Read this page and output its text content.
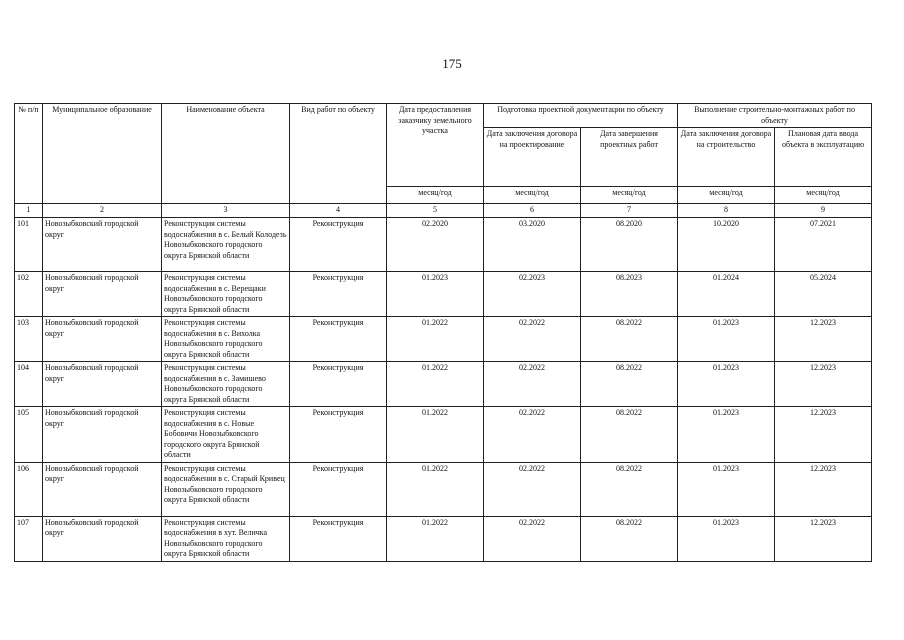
175
№ п/п	Муниципальное образование	Наименование объекта	Вид работ по объекту	Дата предоставления заказчику земельного участка	Подготовка проектной документации по объекту		Выполнение строительно-монтажных работ по объекту	
					Дата заключения договора на проектирование	Дата завершения проектных работ	Дата заключения договора на строительство	Плановая дата ввода объекта в эксплуатацию
				месяц/год	месяц/год	месяц/год	месяц/год	месяц/год
1	2	3	4	5	6	7	8	9
101	Новозыбковский городской округ	Реконструкция системы водоснабжения в с. Белый Колодезь Новозыбковского городского округа Брянской области	Реконструкция	02.2020	03.2020	08.2020	10.2020	07.2021
102	Новозыбковский городской округ	Реконструкция системы водоснабжения в с. Верещаки Новозыбковского городского округа Брянской области	Реконструкция	01.2023	02.2023	08.2023	01.2024	05.2024
103	Новозыбковский городской округ	Реконструкция системы водоснабжения в с. Вихолка Новозыбковского городского округа Брянской области	Реконструкция	01.2022	02.2022	08.2022	01.2023	12.2023
104	Новозыбковский городской округ	Реконструкция системы водоснабжения в с. Замишево Новозыбковского городского округа Брянской области	Реконструкция	01.2022	02.2022	08.2022	01.2023	12.2023
105	Новозыбковский городской округ	Реконструкция системы водоснабжения в с. Новые Бобовичи Новозыбковского городского округа Брянской области	Реконструкция	01.2022	02.2022	08.2022	01.2023	12.2023
106	Новозыбковский городской округ	Реконструкция системы водоснабжения в с. Старый Кривец Новозыбковского городского округа Брянской области	Реконструкция	01.2022	02.2022	08.2022	01.2023	12.2023
107	Новозыбковский городской округ	Реконструкция системы водоснабжения в хут. Величка Новозыбковского городского округа Брянской области	Реконструкция	01.2022	02.2022	08.2022	01.2023	12.2023
